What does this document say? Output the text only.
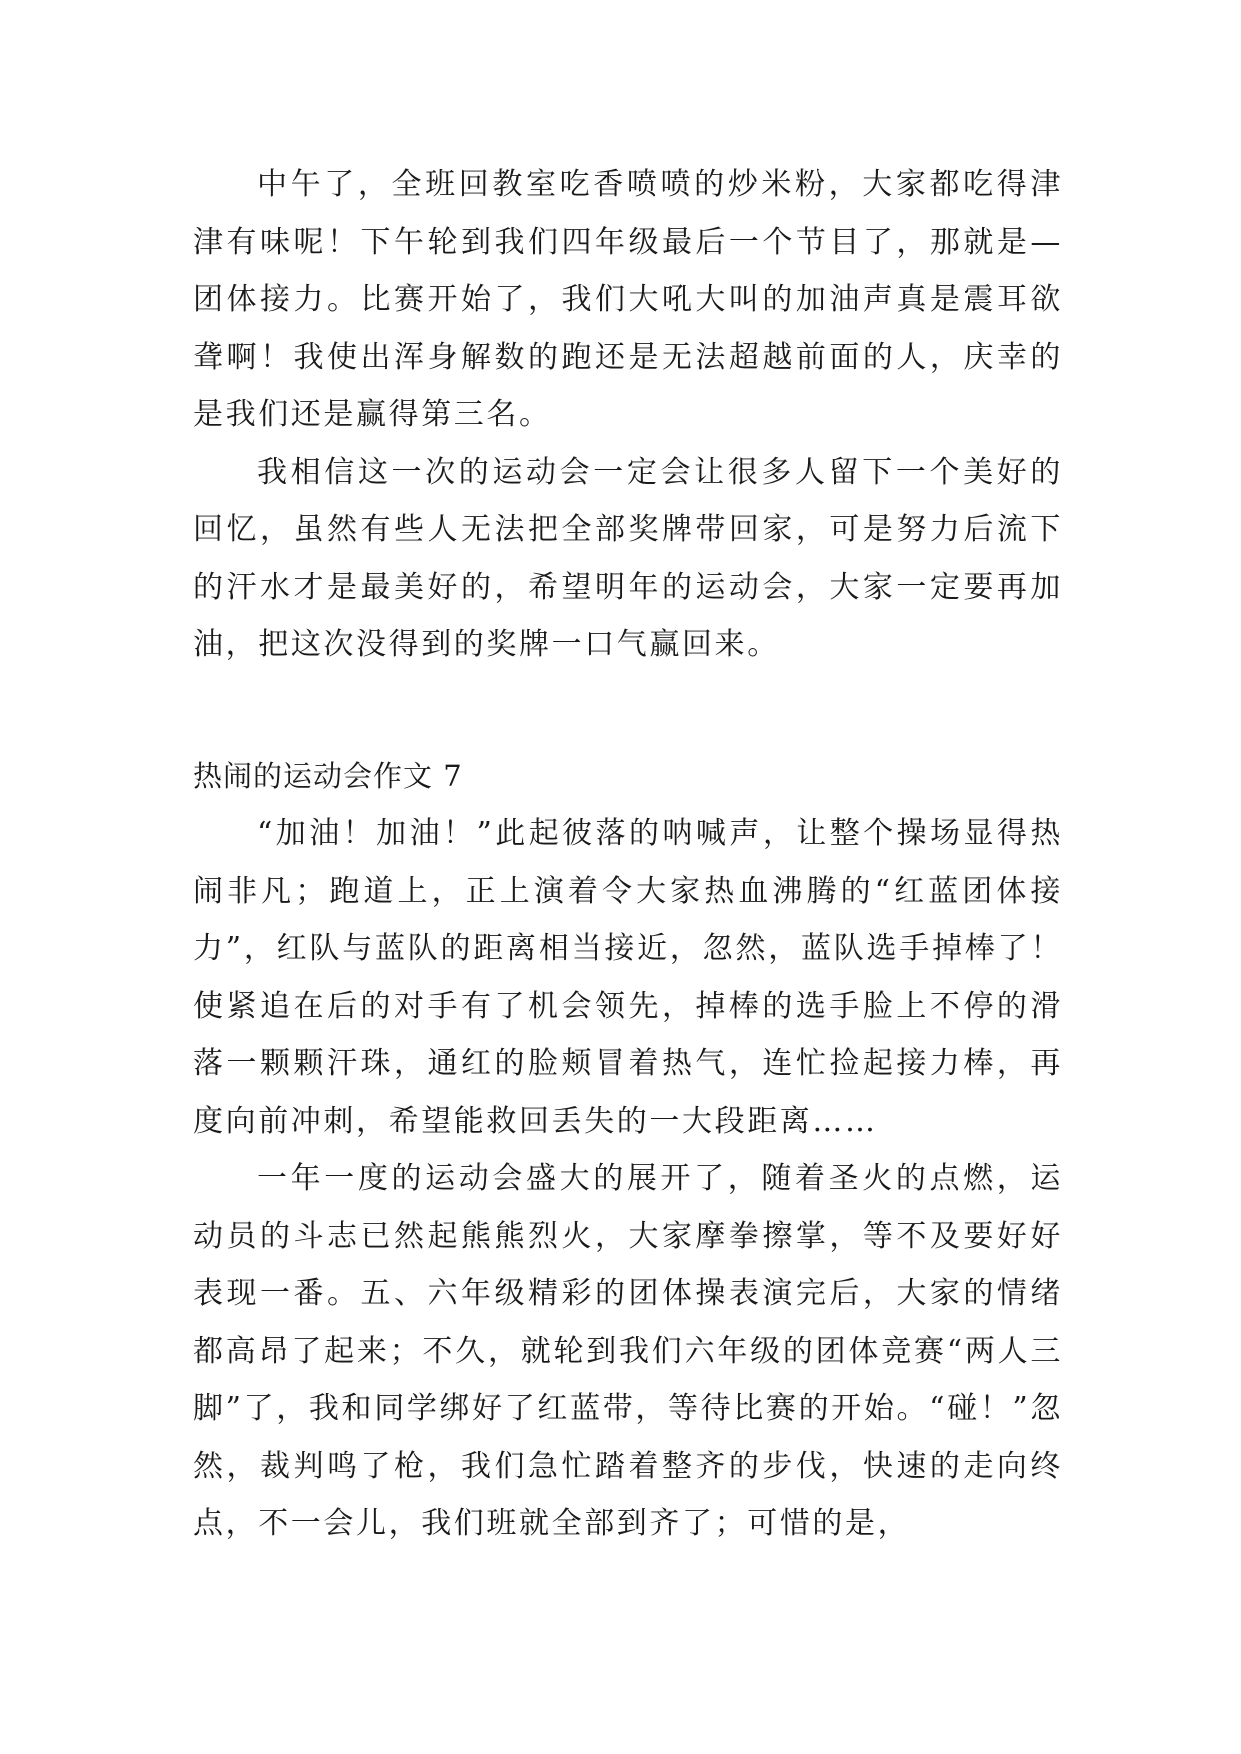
中午了，全班回教室吃香喷喷的炒米粉，大家都吃得津津有味呢！下午轮到我们四年级最后一个节目了，那就是—团体接力。比赛开始了，我们大吼大叫的加油声真是震耳欲聋啊！我使出浑身解数的跑还是无法超越前面的人，庆幸的是我们还是赢得第三名。

我相信这一次的运动会一定会让很多人留下一个美好的回忆，虽然有些人无法把全部奖牌带回家，可是努力后流下的汗水才是最美好的，希望明年的运动会，大家一定要再加油，把这次没得到的奖牌一口气赢回来。

热闹的运动会作文 7

“加油！加油！”此起彼落的呐喊声，让整个操场显得热闹非凡；跑道上，正上演着令大家热血沸腾的“红蓝团体接力”，红队与蓝队的距离相当接近，忽然，蓝队选手掉棒了！使紧追在后的对手有了机会领先，掉棒的选手脸上不停的滑落一颗颗汗珠，通红的脸颊冒着热气，连忙捡起接力棒，再度向前冲刺，希望能救回丢失的一大段距离……

一年一度的运动会盛大的展开了，随着圣火的点燃，运动员的斗志已然起熊熊烈火，大家摩拳擦掌，等不及要好好表现一番。五、六年级精彩的团体操表演完后，大家的情绪都高昂了起来；不久，就轮到我们六年级的团体竞赛“两人三脚”了，我和同学绑好了红蓝带，等待比赛的开始。“碰！”忽然，裁判鸣了枪，我们急忙踏着整齐的步伐，快速的走向终点，不一会儿，我们班就全部到齐了；可惜的是，
